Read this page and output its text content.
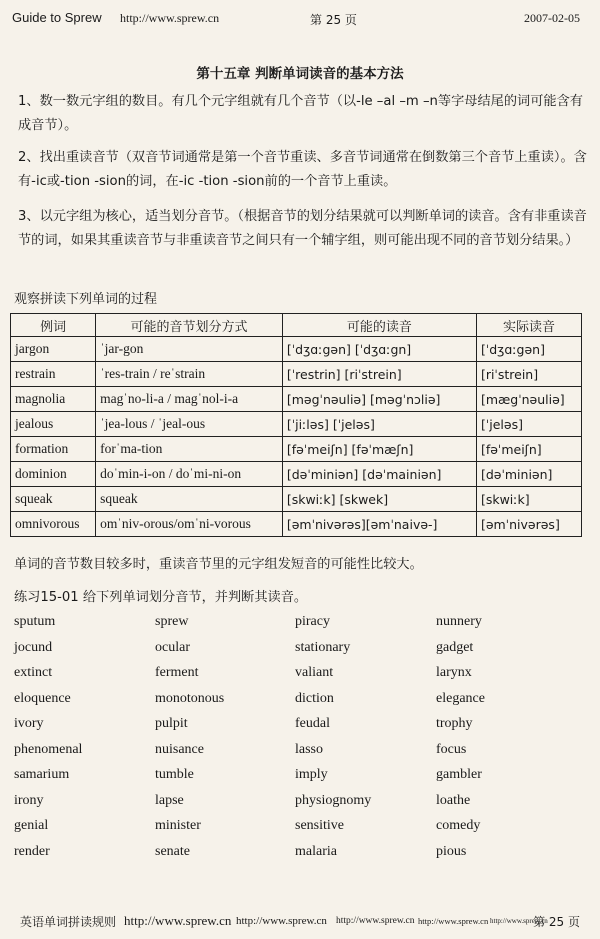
Guide to Sprew http://www.sprew.cn	第 25 页	2007-02-05
第十五章 判断单词读音的基本方法
1、数一数元字组的数目。有几个元字组就有几个音节（以-le –al –m –n等字母结尾的词可能含有成音节）。
2、找出重读音节（双音节词通常是第一个音节重读、多音节词通常在倒数第三个音节上重读）。含有-ic或-tion -sion的词，在-ic -tion -sion前的一个音节上重读。
3、以元字组为核心，适当划分音节。（根据音节的划分结果就可以判断单词的读音。含有非重读音节的词，如果其重读音节与非重读音节之间只有一个辅字组，则可能出现不同的音节划分结果。）
观察拼读下列单词的过程
例词	可能的音节划分方式	可能的读音	实际读音
jargon	ˈjar-gon	[ˈdʒɑːgən] [ˈdʒɑːgn]	[ˈdʒɑːgən]
restrain	ˈres-train / reˈstrain	[ˈrestrin] [riˈstrein]	[riˈstrein]
magnolia	magˈno-li-a / magˈnol-i-a	[məgˈnəuliə] [məgˈnɔliə]	[mægˈnəuliə]
jealous	ˈjea-lous / ˈjeal-ous	[ˈjiːləs] [ˈjeləs]	[ˈjeləs]
formation	forˈma-tion	[fəˈmeiʃn] [fəˈmæʃn]	[fəˈmeiʃn]
dominion	doˈmin-i-on / doˈmi-ni-on	[dəˈminiən] [dəˈmainiən]	[dəˈminiən]
squeak	squeak	[skwiːk] [skwek]	[skwiːk]
omnivorous	omˈniv-orous/omˈni-vorous	[əmˈnivərəs][əmˈnaivə-]	[əmˈnivərəs]
单词的音节数目较多时，重读音节里的元字组发短音的可能性比较大。
练习15-01 给下列单词划分音节，并判断其读音。
sputum	sprew	piracy	nunnery
jocund	ocular	stationary	gadget
extinct	ferment	valiant	larynx
eloquence	monotonous	diction	elegance
ivory	pulpit	feudal	trophy
phenomenal	nuisance	lasso	focus
samarium	tumble	imply	gambler
irony	lapse	physiognomy	loathe
genial	minister	sensitive	comedy
render	senate	malaria	pious
英语单词拼读规则 http://www.sprew.cn http://www.sprew.cn http://www.sprew.cn http://www.sprew.cn http://www.sprew.cn
第 25 页
